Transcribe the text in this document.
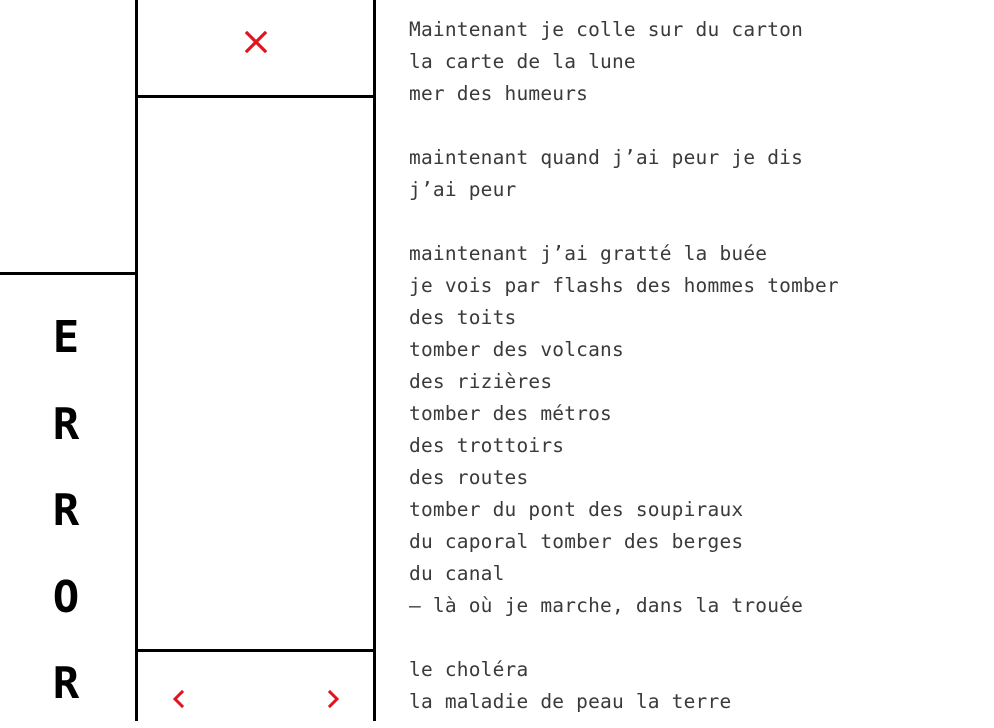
E
R
R
O
R
Maintenant je colle sur du carton
la carte de la lune
mer des humeurs
maintenant quand j’ai peur je dis
j’ai peur
maintenant j’ai gratté la buée
je vois par flashs des hommes tomber
des toits
tomber des volcans
des rizières
tomber des métros
des trottoirs
des routes
tomber du pont des soupiraux
du caporal tomber des berges
du canal
— là où je marche, dans la trouée
le choléra
la maladie de peau la terre
